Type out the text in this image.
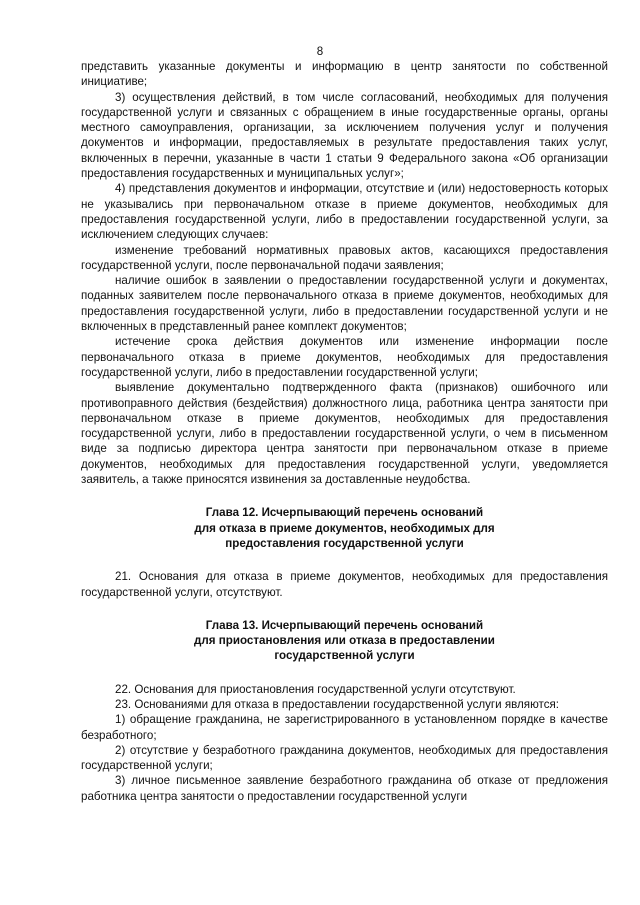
8

представить указанные документы и информацию в центр занятости по собственной инициативе;

3) осуществления действий, в том числе согласований, необходимых для получения государственной услуги и связанных с обращением в иные государственные органы, органы местного самоуправления, организации, за исключением получения услуг и получения документов и информации, предоставляемых в результате предоставления таких услуг, включенных в перечни, указанные в части 1 статьи 9 Федерального закона «Об организации предоставления государственных и муниципальных услуг»;

4) представления документов и информации, отсутствие и (или) недостоверность которых не указывались при первоначальном отказе в приеме документов, необходимых для предоставления государственной услуги, либо в предоставлении государственной услуги, за исключением следующих случаев:

изменение требований нормативных правовых актов, касающихся предоставления государственной услуги, после первоначальной подачи заявления;

наличие ошибок в заявлении о предоставлении государственной услуги и документах, поданных заявителем после первоначального отказа в приеме документов, необходимых для предоставления государственной услуги, либо в предоставлении государственной услуги и не включенных в представленный ранее комплект документов;

истечение срока действия документов или изменение информации после первоначального отказа в приеме документов, необходимых для предоставления государственной услуги, либо в предоставлении государственной услуги;

выявление документально подтвержденного факта (признаков) ошибочного или противоправного действия (бездействия) должностного лица, работника центра занятости при первоначальном отказе в приеме документов, необходимых для предоставления государственной услуги, либо в предоставлении государственной услуги, о чем в письменном виде за подписью директора центра занятости при первоначальном отказе в приеме документов, необходимых для предоставления государственной услуги, уведомляется заявитель, а также приносятся извинения за доставленные неудобства.

Глава 12. Исчерпывающий перечень оснований
для отказа в приеме документов, необходимых для
предоставления государственной услуги

21. Основания для отказа в приеме документов, необходимых для предоставления государственной услуги, отсутствуют.

Глава 13. Исчерпывающий перечень оснований
для приостановления или отказа в предоставлении
государственной услуги

22. Основания для приостановления государственной услуги отсутствуют.

23. Основаниями для отказа в предоставлении государственной услуги являются:

1) обращение гражданина, не зарегистрированного в установленном порядке в качестве безработного;

2) отсутствие у безработного гражданина документов, необходимых для предоставления государственной услуги;

3) личное письменное заявление безработного гражданина об отказе от предложения работника центра занятости о предоставлении государственной услуги
